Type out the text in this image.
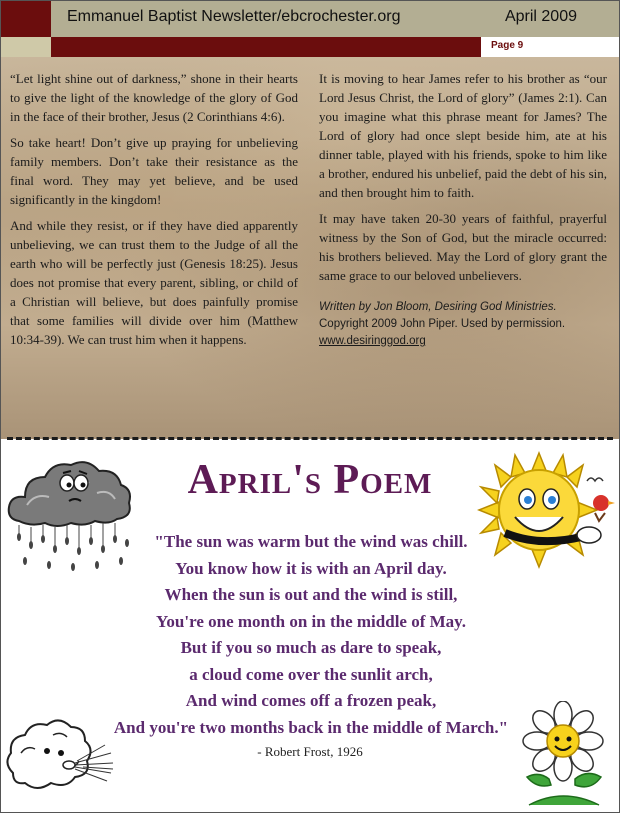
Emmanuel Baptist Newsletter/ebcrochester.org	April 2009
Page 9

“Let light shine out of darkness,” shone in their hearts to give the light of the knowledge of the glory of God in the face of their brother, Jesus (2 Corinthians 4:6).

So take heart! Don’t give up praying for unbelieving family members. Don’t take their resistance as the final word. They may yet believe, and be used significantly in the kingdom!

And while they resist, or if they have died apparently unbelieving, we can trust them to the Judge of all the earth who will be perfectly just (Genesis 18:25). Jesus does not promise that every parent, sibling, or child of a Christian will believe, but does painfully promise that some families will divide over him (Matthew 10:34-39). We can trust him when it happens.

It is moving to hear James refer to his brother as “our Lord Jesus Christ, the Lord of glory” (James 2:1). Can you imagine what this phrase meant for James? The Lord of glory had once slept beside him, ate at his dinner table, played with his friends, spoke to him like a brother, endured his unbelief, paid the debt of his sin, and then brought him to faith.

It may have taken 20-30 years of faithful, prayerful witness by the Son of God, but the miracle occurred: his brothers believed. May the Lord of glory grant the same grace to our beloved unbelievers.

Written by Jon Bloom, Desiring God Ministries.
Copyright 2009 John Piper. Used by permission.
www.desiringgod.org
April's Poem
"The sun was warm but the wind was chill.
You know how it is with an April day.
When the sun is out and the wind is still,
You're one month on in the middle of May.
But if you so much as dare to speak,
a cloud come over the sunlit arch,
And wind comes off a frozen peak,
And you're two months back in the middle of March."
- Robert Frost, 1926
